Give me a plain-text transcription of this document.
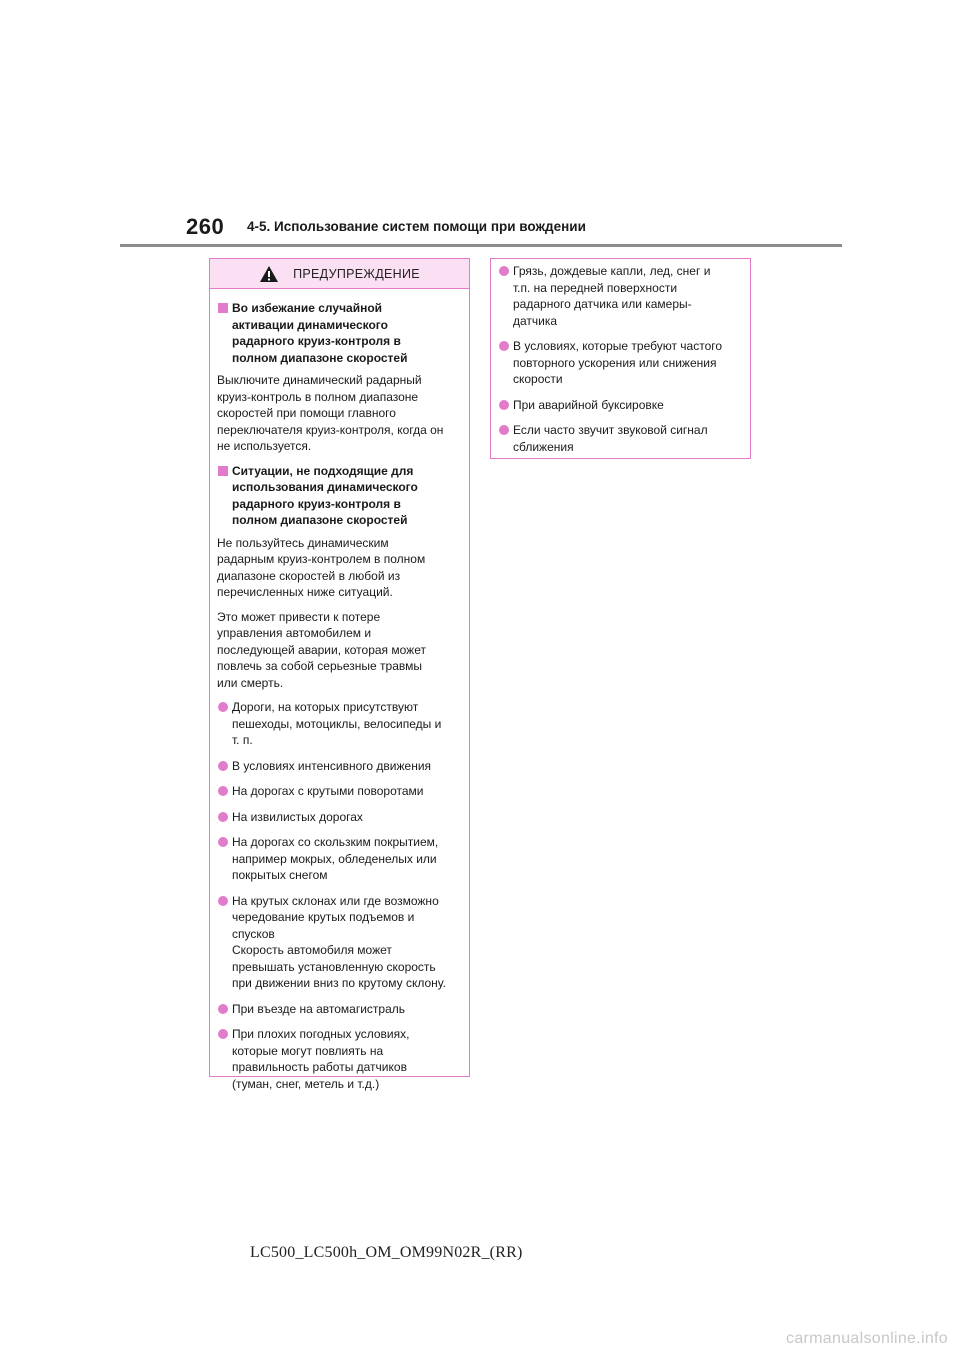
260 4-5. Использование систем помощи при вождении
ПРЕДУПРЕЖДЕНИЕ
Во избежание случайной
активации динамического
радарного круиз-контроля в
полном диапазоне скоростей

Выключите динамический радарный
круиз-контроль в полном диапазоне
скоростей при помощи главного
переключателя круиз-контроля, когда он
не используется.

Ситуации, не подходящие для
использования динамического
радарного круиз-контроля в
полном диапазоне скоростей

Не пользуйтесь динамическим
радарным круиз-контролем в полном
диапазоне скоростей в любой из
перечисленных ниже ситуаций.

Это может привести к потере
управления автомобилем и
последующей аварии, которая может
повлечь за собой серьезные травмы
или смерть.

Дороги, на которых присутствуют
пешеходы, мотоциклы, велосипеды и
т. п.
В условиях интенсивного движения
На дорогах с крутыми поворотами
На извилистых дорогах
На дорогах со скользким покрытием,
например мокрых, обледенелых или
покрытых снегом
На крутых склонах или где возможно
чередование крутых подъемов и
спусков
Скорость автомобиля может
превышать установленную скорость
при движении вниз по крутому склону.
При въезде на автомагистраль
При плохих погодных условиях,
которые могут повлиять на
правильность работы датчиков
(туман, снег, метель и т.д.)
Грязь, дождевые капли, лед, снег и
т.п. на передней поверхности
радарного датчика или камеры-
датчика
В условиях, которые требуют частого
повторного ускорения или снижения
скорости
При аварийной буксировке
Если часто звучит звуковой сигнал
сближения
LC500_LC500h_OM_OM99N02R_(RR)
carmanualsonline.info
